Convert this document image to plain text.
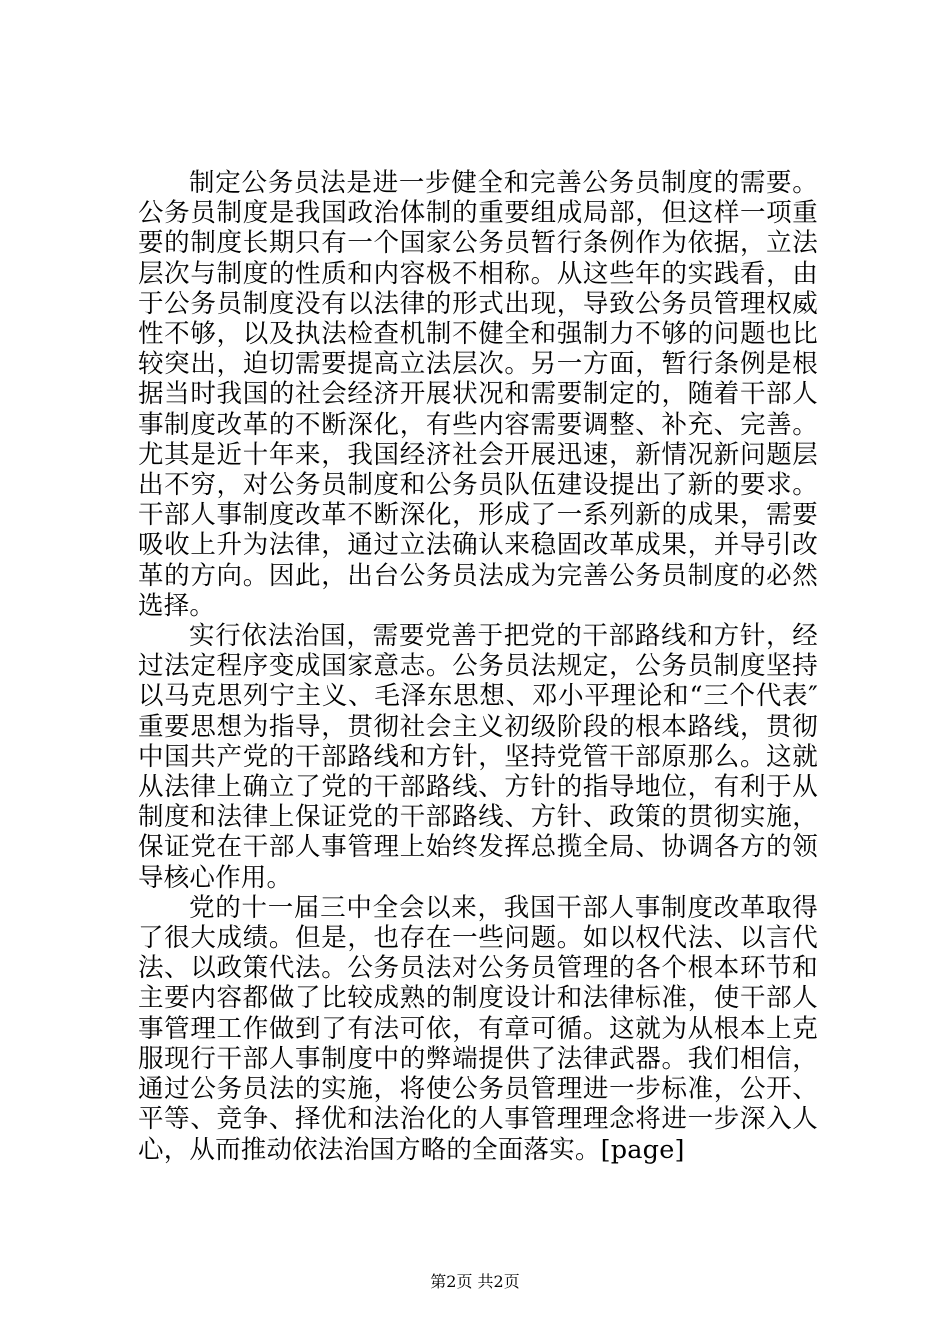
制定公务员法是进一步健全和完善公务员制度的需要。公务员制度是我国政治体制的重要组成局部，但这样一项重要的制度长期只有一个国家公务员暂行条例作为依据，立法层次与制度的性质和内容极不相称。从这些年的实践看，由于公务员制度没有以法律的形式出现，导致公务员管理权威性不够，以及执法检查机制不健全和强制力不够的问题也比较突出，迫切需要提高立法层次。另一方面，暂行条例是根据当时我国的社会经济开展状况和需要制定的，随着干部人事制度改革的不断深化，有些内容需要调整、补充、完善。尤其是近十年来，我国经济社会开展迅速，新情况新问题层出不穷，对公务员制度和公务员队伍建设提出了新的要求。干部人事制度改革不断深化，形成了一系列新的成果，需要吸收上升为法律，通过立法确认来稳固改革成果，并导引改革的方向。因此，出台公务员法成为完善公务员制度的必然选择。

实行依法治国，需要党善于把党的干部路线和方针，经过法定程序变成国家意志。公务员法规定，公务员制度坚持以马克思列宁主义、毛泽东思想、邓小平理论和“三个代表″重要思想为指导，贯彻社会主义初级阶段的根本路线，贯彻中国共产党的干部路线和方针，坚持党管干部原那么。这就从法律上确立了党的干部路线、方针的指导地位，有利于从制度和法律上保证党的干部路线、方针、政策的贯彻实施，保证党在干部人事管理上始终发挥总揽全局、协调各方的领导核心作用。

党的十一届三中全会以来，我国干部人事制度改革取得了很大成绩。但是，也存在一些问题。如以权代法、以言代法、以政策代法。公务员法对公务员管理的各个根本环节和主要内容都做了比较成熟的制度设计和法律标准，使干部人事管理工作做到了有法可依，有章可循。这就为从根本上克服现行干部人事制度中的弊端提供了法律武器。我们相信，通过公务员法的实施，将使公务员管理进一步标准，公开、平等、竞争、择优和法治化的人事管理理念将进一步深入人心，从而推动依法治国方略的全面落实。[page]

第2页 共2页
